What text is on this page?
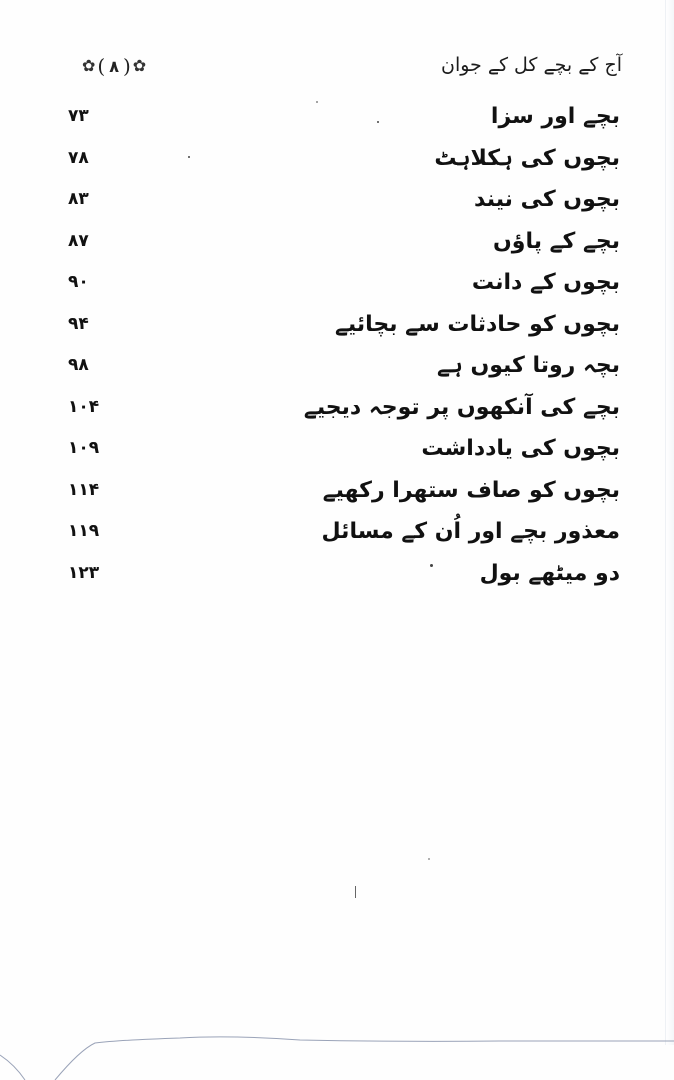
✿ ( ۸ ) ✿	آج کے بچے کل کے جوان
بچے اور سزا
۷۳
بچوں کی ہکلاہٹ
۷۸
بچوں کی نیند
۸۳
بچے کے پاؤں
۸۷
بچوں کے دانت
۹۰
بچوں کو حادثات سے بچائیے
۹۴
بچہ روتا کیوں ہے
۹۸
بچے کی آنکھوں پر توجہ دیجیے
۱۰۴
بچوں کی یادداشت
۱۰۹
بچوں کو صاف ستھرا رکھیے
۱۱۴
معذور بچے اور اُن کے مسائل
۱۱۹
دو میٹھے بول
۱۲۳
